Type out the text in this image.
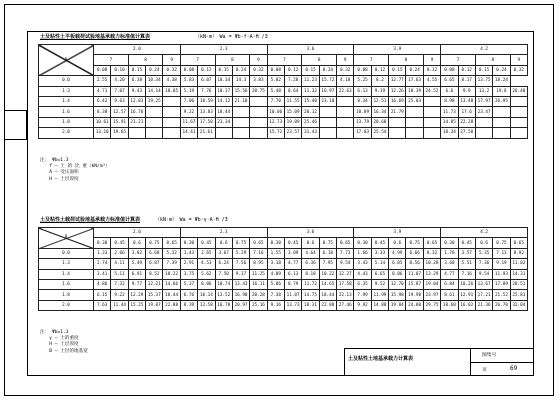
土及粘性土平板载荷试验地基承载力标准值计算表	（kN·m）　Wa = Ψb·f·A·H /3
B	2.0					2.3					3.6					3.9					4.2				
	7		8		9	7		8		9	7		8		9	7		8		9	7		8		9
	0.08	0.10	0.15	0.24	0.32	0.08	0.12	0.15	0.24	0.32	0.08	0.12	0.15	0.24	0.32	0.08	0.12	0.15	0.24	0.32	0.08	0.12	0.15	0.24	0.32
0.0	2.55	4.20	6.38	10.34	4.38	5.83	6.07	10.34	14.3	3.83	5.82	7.28	11.23	15.72	4.18	5.25	8.2	12.77	17.63	4.55	6.65	8.17	13.75	18.24	
1.3	4.71	7.07	9.43	14.14	18.85	5.19	7.76	10.37	15.56	20.75	5.48	8.64	11.32	16.97	22.63	6.13	9.19	12.26	18.39	24.52	6.6	9.9	13.2	19.8	26.40
1.4	6.42	9.63	12.83	19.25		7.06	10.59	14.12	21.18		7.70	11.55	15.40	23.10		8.34	12.51	16.69	25.03		8.98	13.48	17.97	26.95	
1.6	8.38	12.57	16.76			9.22	13.83	18.44			10.06	15.09	20.12			10.89	16.34	21.79			11.73	17.6	23.47		
1.8	10.61	15.91	21.21			11.67	17.50	23.34			12.73	19.09	25.46			13.79	20.68				14.85	22.28			
2.0	13.10	19.65				14.41	21.61				15.72	23.57	31.43			17.03	25.54				18.34	27.50			
注： Ψb=1.3
　　f — 土 的 比 重（kN/m³）
　　A — 受压面积
　　H — 土层厚度
土及粘性土载荷试验地基承载力标准值计算表	（kN·m）　Wa = Ψb·γ·A·H /3
B	2.0					2.3					3.6					3.9					4.2				
	0.30	0.45	0.6	0.75	0.65	0.30	0.45	0.6	0.75	0.65	0.30	0.45	0.6	0.75	0.65	0.30	0.45	0.6	0.75	0.65	0.30	0.45	0.6	0.75	0.65
0.0	1.33	2.66	3.82	6.68	5.32	1.43	2.65	3.67	5.29	7.16	1.55	3.09	4.64	6.18	7.73	1.66	3.33	4.99	6.66	8.32	1.78	3.57	5.35	7.13	8.92
1.3	2.74	4.11	5.49	6.87	7.39	2.91	4.53	6.24	7.56	8.95	3.18	4.77	6.36	7.95	9.54	3.43	5.14	6.85	8.56	10.28	3.68	5.51	7.36	9.19	11.02
1.4	3.41	5.11	6.91	8.52	10.22	3.75	5.62	7.50	9.37	11.25	4.09	6.13	8.18	10.22	12.27	4.43	6.65	8.86	11.07	13.29	4.77	7.16	9.54	11.93	14.31
1.6	4.86	7.32	9.77	12.21	14.66	5.37	8.06	10.74	13.43	16.11	5.86	8.79	11.72	14.65	17.58	6.35	9.52	12.70	15.87	19.04	6.84	10.26	13.67	17.09	20.51
1.8	6.15	9.22	12.29	15.37	18.44	6.76	10.14	13.52	16.90	20.28	7.38	11.07	14.75	18.44	22.13	7.99	11.99	15.98	19.98	23.97	8.61	12.91	17.21	21.52	25.81
2.0	7.63	11.44	15.25	19.07	22.88	8.39	12.58	16.78	20.97	25.16	9.16	13.73	18.31	22.88	27.46	9.92	14.88	19.84	24.80	29.75	10.68	16.02	21.36	26.70	32.04
注： Ψb=1.3
　　γ — 土的重度
　　H — 土层厚度
　　B — 土层的地基宽
土及粘性土地基承载力计算表
图集号
页	69
